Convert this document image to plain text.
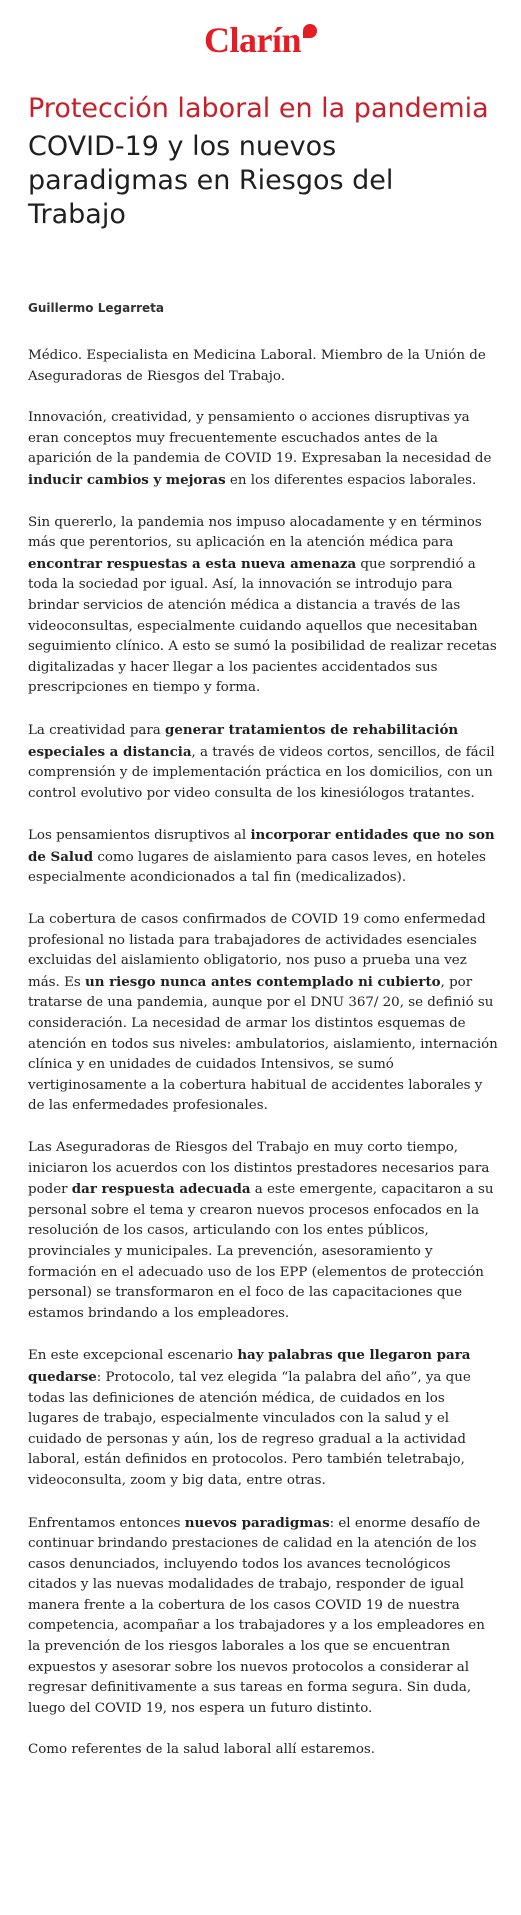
Clarín
Protección laboral en la pandemia
COVID-19 y los nuevos paradigmas en Riesgos del Trabajo
Guillermo Legarreta

Médico. Especialista en Medicina Laboral. Miembro de la Unión de Aseguradoras de Riesgos del Trabajo.

Innovación, creatividad, y pensamiento o acciones disruptivas ya eran conceptos muy frecuentemente escuchados antes de la aparición de la pandemia de COVID 19. Expresaban la necesidad de inducir cambios y mejoras en los diferentes espacios laborales.

Sin quererlo, la pandemia nos impuso alocadamente y en términos más que perentorios, su aplicación en la atención médica para encontrar respuestas a esta nueva amenaza que sorprendió a toda la sociedad por igual. Así, la innovación se introdujo para brindar servicios de atención médica a distancia a través de las videoconsultas, especialmente cuidando aquellos que necesitaban seguimiento clínico. A esto se sumó la posibilidad de realizar recetas digitalizadas y hacer llegar a los pacientes accidentados sus prescripciones en tiempo y forma.

La creatividad para generar tratamientos de rehabilitación especiales a distancia, a través de videos cortos, sencillos, de fácil comprensión y de implementación práctica en los domicilios, con un control evolutivo por video consulta de los kinesiólogos tratantes.

Los pensamientos disruptivos al incorporar entidades que no son de Salud como lugares de aislamiento para casos leves, en hoteles especialmente acondicionados a tal fin (medicalizados).

La cobertura de casos confirmados de COVID 19 como enfermedad profesional no listada para trabajadores de actividades esenciales excluidas del aislamiento obligatorio, nos puso a prueba una vez más. Es un riesgo nunca antes contemplado ni cubierto, por tratarse de una pandemia, aunque por el DNU 367/ 20, se definió su consideración. La necesidad de armar los distintos esquemas de atención en todos sus niveles: ambulatorios, aislamiento, internación clínica y en unidades de cuidados Intensivos, se sumó vertiginosamente a la cobertura habitual de accidentes laborales y de las enfermedades profesionales.

Las Aseguradoras de Riesgos del Trabajo en muy corto tiempo, iniciaron los acuerdos con los distintos prestadores necesarios para poder dar respuesta adecuada a este emergente, capacitaron a su personal sobre el tema y crearon nuevos procesos enfocados en la resolución de los casos, articulando con los entes públicos, provinciales y municipales. La prevención, asesoramiento y formación en el adecuado uso de los EPP (elementos de protección personal) se transformaron en el foco de las capacitaciones que estamos brindando a los empleadores.

En este excepcional escenario hay palabras que llegaron para quedarse: Protocolo, tal vez elegida “la palabra del año”, ya que todas las definiciones de atención médica, de cuidados en los lugares de trabajo, especialmente vinculados con la salud y el cuidado de personas y aún, los de regreso gradual a la actividad laboral, están definidos en protocolos. Pero también teletrabajo, videoconsulta, zoom y big data, entre otras.

Enfrentamos entonces nuevos paradigmas: el enorme desafío de continuar brindando prestaciones de calidad en la atención de los casos denunciados, incluyendo todos los avances tecnológicos citados y las nuevas modalidades de trabajo, responder de igual manera frente a la cobertura de los casos COVID 19 de nuestra competencia, acompañar a los trabajadores y a los empleadores en la prevención de los riesgos laborales a los que se encuentran expuestos y asesorar sobre los nuevos protocolos a considerar al regresar definitivamente a sus tareas en forma segura. Sin duda, luego del COVID 19, nos espera un futuro distinto.

Como referentes de la salud laboral allí estaremos.
